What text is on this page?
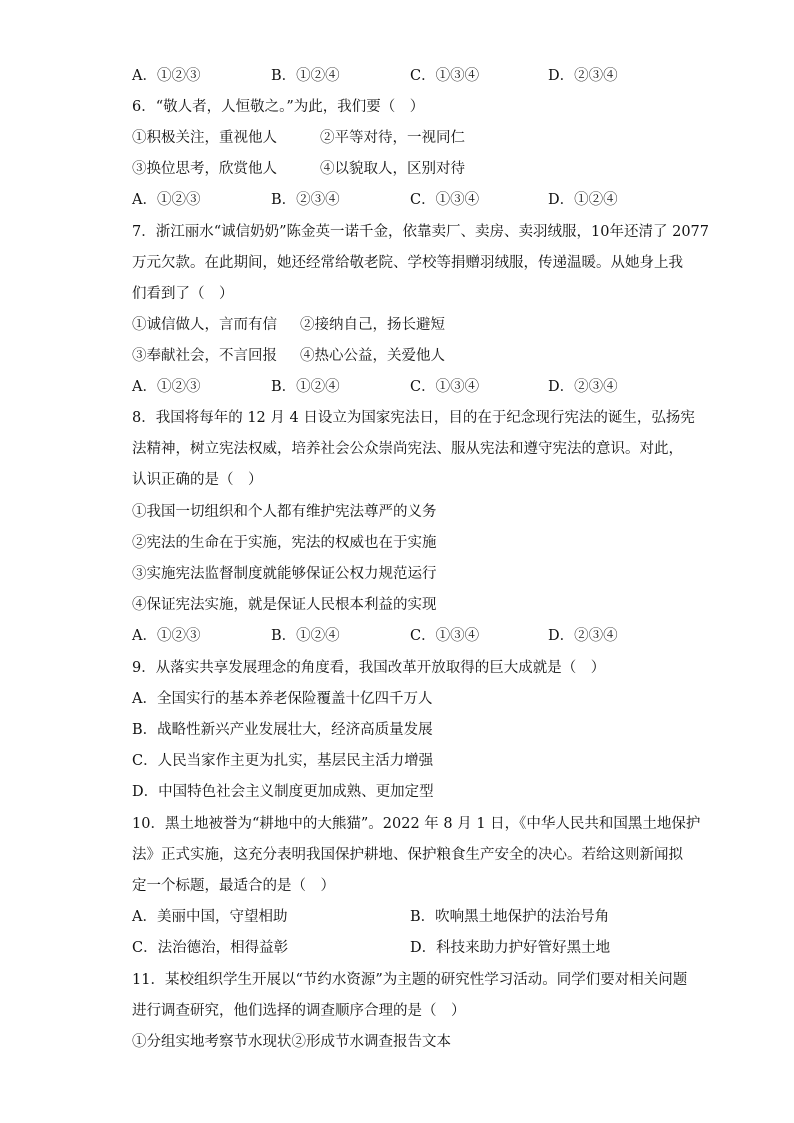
A．①②③	B．①②④	C．①③④	D．②③④
6．“敬人者，人恒敬之。”为此，我们要（　）
①积极关注，重视他人	②平等对待，一视同仁
③换位思考，欣赏他人	④以貌取人，区别对待
A．①②③	B．②③④	C．①③④	D．①②④
7．浙江丽水“诚信奶奶”陈金英一诺千金，依靠卖厂、卖房、卖羽绒服，10年还清了 2077
万元欠款。在此期间，她还经常给敬老院、学校等捐赠羽绒服，传递温暖。从她身上我
们看到了（　）
①诚信做人，言而有信 ②接纳自己，扬长避短
③奉献社会，不言回报 ④热心公益，关爱他人
A．①②③	B．①②④	C．①③④	D．②③④
8．我国将每年的 12 月 4 日设立为国家宪法日，目的在于纪念现行宪法的诞生，弘扬宪
法精神，树立宪法权威，培养社会公众崇尚宪法、服从宪法和遵守宪法的意识。对此，
认识正确的是（　）
①我国一切组织和个人都有维护宪法尊严的义务
②宪法的生命在于实施，宪法的权威也在于实施
③实施宪法监督制度就能够保证公权力规范运行
④保证宪法实施，就是保证人民根本利益的实现
A．①②③	B．①②④	C．①③④	D．②③④
9．从落实共享发展理念的角度看，我国改革开放取得的巨大成就是（　）
A．全国实行的基本养老保险覆盖十亿四千万人
B．战略性新兴产业发展壮大，经济高质量发展
C．人民当家作主更为扎实，基层民主活力增强
D．中国特色社会主义制度更加成熟、更加定型
10．黑土地被誉为“耕地中的大熊猫”。2022 年 8 月 1 日，《中华人民共和国黑土地保护
法》正式实施，这充分表明我国保护耕地、保护粮食生产安全的决心。若给这则新闻拟
定一个标题，最适合的是（　）
A．美丽中国，守望相助	B．吹响黑土地保护的法治号角
C．法治德治，相得益彰	D．科技来助力护好管好黑土地
11．某校组织学生开展以“节约水资源”为主题的研究性学习活动。同学们要对相关问题
进行调查研究，他们选择的调查顺序合理的是（　）
①分组实地考察节水现状②形成节水调查报告文本
